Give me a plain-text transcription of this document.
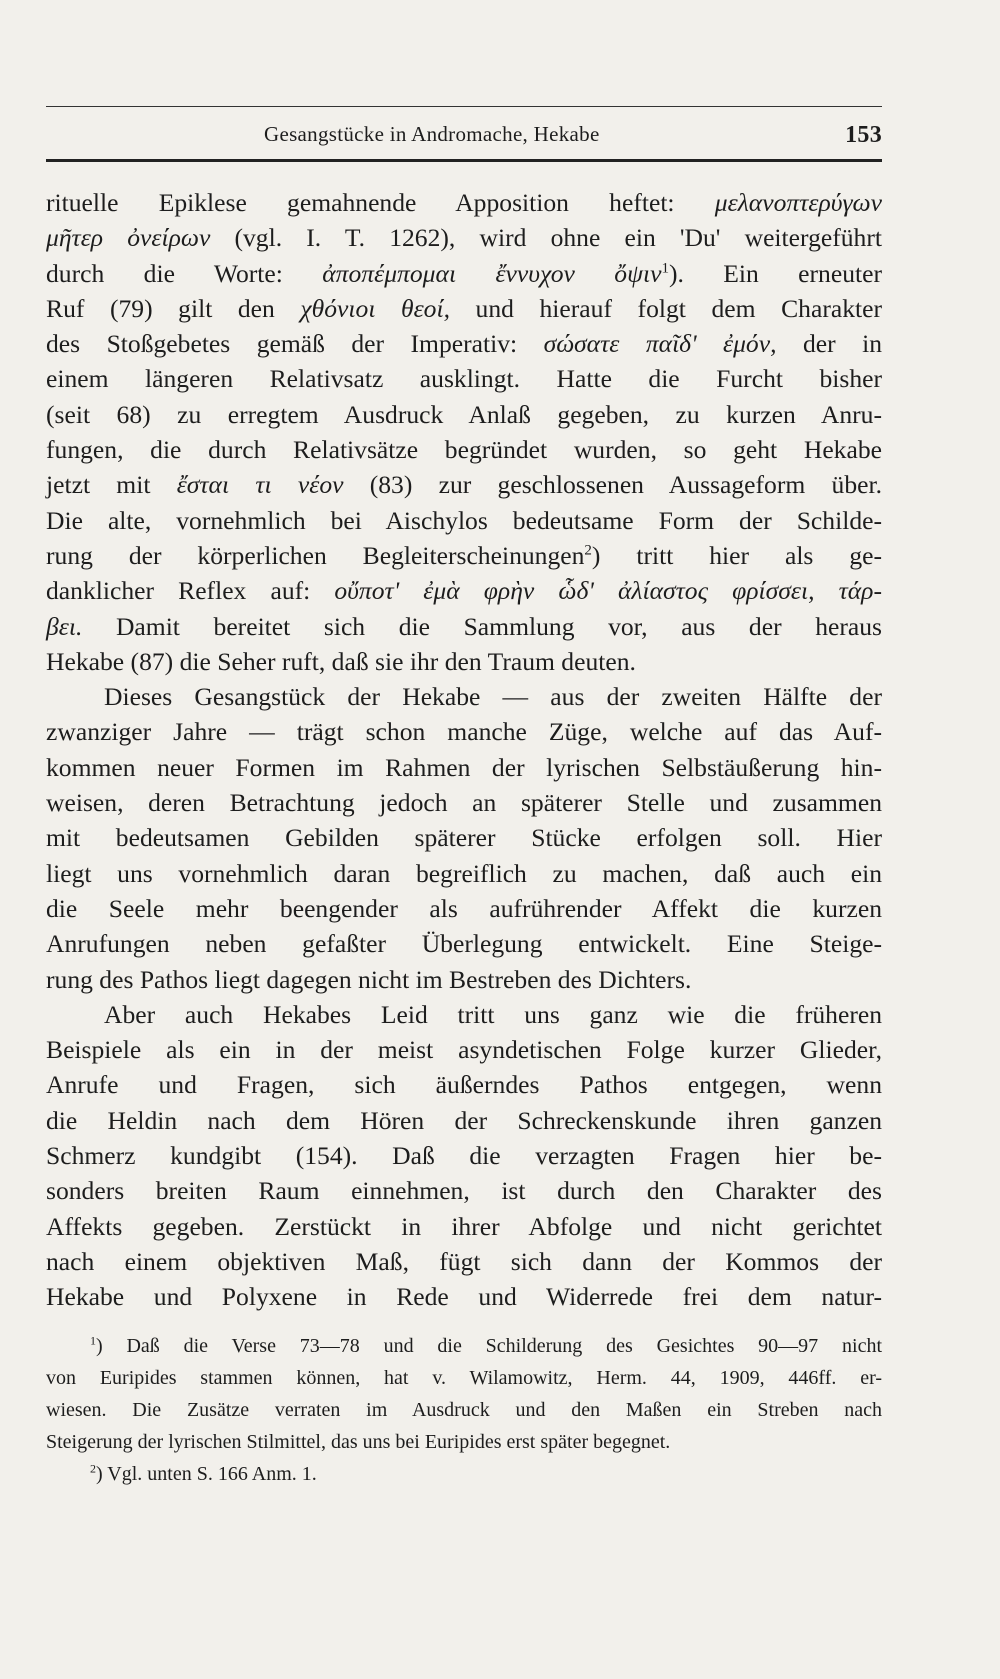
Gesangstücke in Andromache, Hekabe	153
rituelle Epiklese gemahnende Apposition heftet: μελανοπτερύγων
μῆτερ ὀνείρων (vgl. I. T. 1262), wird ohne ein 'Du' weitergeführt
durch die Worte: ἀποπέμπομαι ἔννυχον ὄψιν$^1$). Ein erneuter
Ruf (79) gilt den χθόνιοι θεοί, und hierauf folgt dem Charakter
des Stoßgebetes gemäß der Imperativ: σώσατε παῖδ' ἐμόν, der in
einem längeren Relativsatz ausklingt. Hatte die Furcht bisher
(seit 68) zu erregtem Ausdruck Anlaß gegeben, zu kurzen Anru-
fungen, die durch Relativsätze begründet wurden, so geht Hekabe
jetzt mit ἔσται τι νέον (83) zur geschlossenen Aussageform über.
Die alte, vornehmlich bei Aischylos bedeutsame Form der Schilde-
rung der körperlichen Begleiterscheinungen$^2$) tritt hier als ge-
danklicher Reflex auf: οὔποτ' ἐμὰ φρὴν ὧδ' ἀλίαστος φρίσσει, τάρ-
βει. Damit bereitet sich die Sammlung vor, aus der heraus
Hekabe (87) die Seher ruft, daß sie ihr den Traum deuten.
Dieses Gesangstück der Hekabe — aus der zweiten Hälfte der
zwanziger Jahre — trägt schon manche Züge, welche auf das Auf-
kommen neuer Formen im Rahmen der lyrischen Selbstäußerung hin-
weisen, deren Betrachtung jedoch an späterer Stelle und zusammen
mit bedeutsamen Gebilden späterer Stücke erfolgen soll. Hier
liegt uns vornehmlich daran begreiflich zu machen, daß auch ein
die Seele mehr beengender als aufrührender Affekt die kurzen
Anrufungen neben gefaßter Überlegung entwickelt. Eine Steige-
rung des Pathos liegt dagegen nicht im Bestreben des Dichters.
Aber auch Hekabes Leid tritt uns ganz wie die früheren
Beispiele als ein in der meist asyndetischen Folge kurzer Glieder,
Anrufe und Fragen, sich äußerndes Pathos entgegen, wenn
die Heldin nach dem Hören der Schreckenskunde ihren ganzen
Schmerz kundgibt (154). Daß die verzagten Fragen hier be-
sonders breiten Raum einnehmen, ist durch den Charakter des
Affekts gegeben. Zerstückt in ihrer Abfolge und nicht gerichtet
nach einem objektiven Maß, fügt sich dann der Kommos der
Hekabe und Polyxene in Rede und Widerrede frei dem natur-
$^1$) Daß die Verse 73—78 und die Schilderung des Gesichtes 90—97 nicht
von Euripides stammen können, hat v. Wilamowitz, Herm. 44, 1909, 446ff. er-
wiesen. Die Zusätze verraten im Ausdruck und den Maßen ein Streben nach
Steigerung der lyrischen Stilmittel, das uns bei Euripides erst später begegnet.
$^2$) Vgl. unten S. 166 Anm. 1.
